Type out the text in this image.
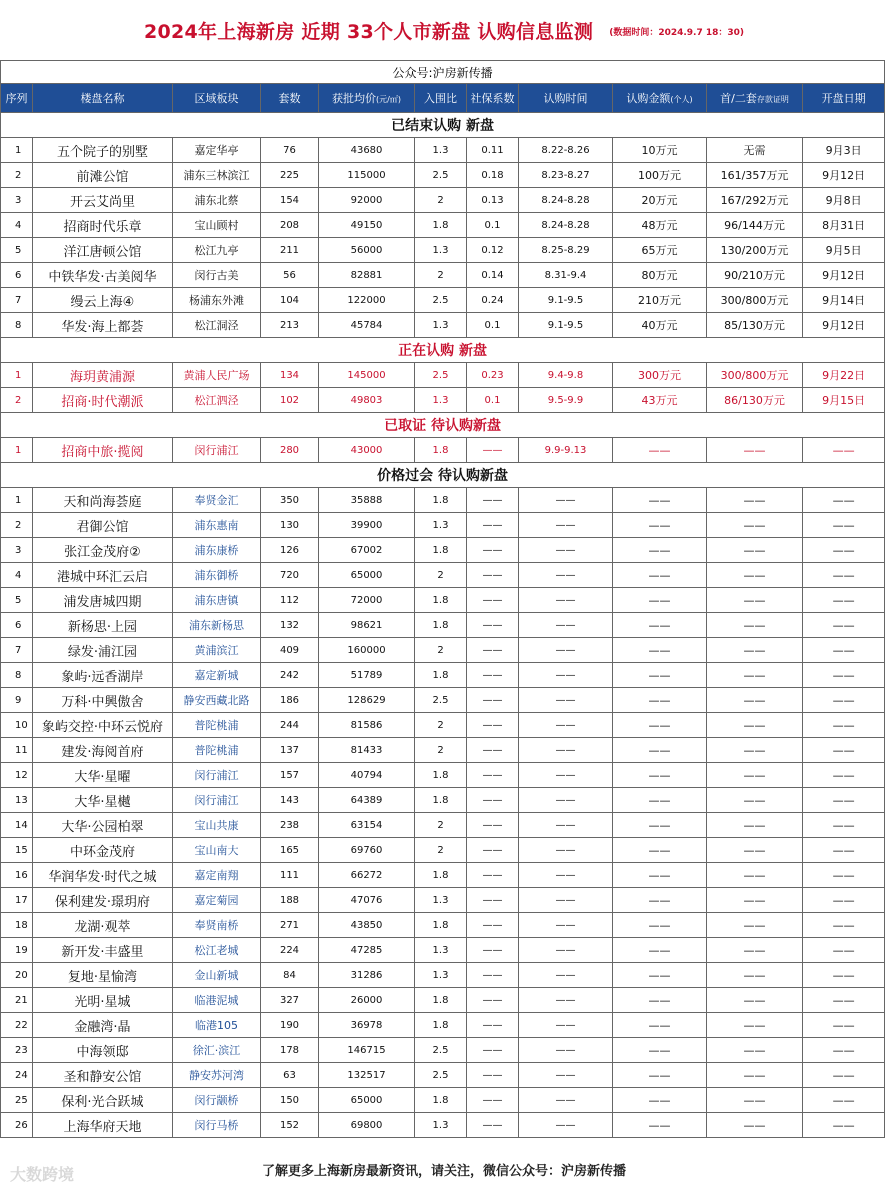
2024年上海新房 近期 33个人市新盘 认购信息监测 (数据时间：2024.9.7 18：30)
公众号:沪房新传播										
序列	楼盘名称	区域板块	套数	获批均价(元/㎡)	入围比	社保系数	认购时间	认购金额(个人)	首/二套存款证明	开盘日期
已结束认购 新盘										
1	五个院子的别墅	嘉定华亭	76	43680	1.3	0.11	8.22-8.26	10万元	无需	9月3日
2	前滩公馆	浦东三林滨江	225	115000	2.5	0.18	8.23-8.27	100万元	161/357万元	9月12日
3	开云艾尚里	浦东北蔡	154	92000	2	0.13	8.24-8.28	20万元	167/292万元	9月8日
4	招商时代乐章	宝山顾村	208	49150	1.8	0.1	8.24-8.28	48万元	96/144万元	8月31日
5	洋江唐顿公馆	松江九亭	211	56000	1.3	0.12	8.25-8.29	65万元	130/200万元	9月5日
6	中铁华发·古美阅华	闵行古美	56	82881	2	0.14	8.31-9.4	80万元	90/210万元	9月12日
7	缦云上海④	杨浦东外滩	104	122000	2.5	0.24	9.1-9.5	210万元	300/800万元	9月14日
8	华发·海上都荟	松江洞泾	213	45784	1.3	0.1	9.1-9.5	40万元	85/130万元	9月12日
正在认购 新盘										
1	海玥黄浦源	黄浦人民广场	134	145000	2.5	0.23	9.4-9.8	300万元	300/800万元	9月22日
2	招商·时代潮派	松江泗泾	102	49803	1.3	0.1	9.5-9.9	43万元	86/130万元	9月15日
已取证 待认购新盘										
1	招商中旅·揽阅	闵行浦江	280	43000	1.8	——	9.9-9.13	——	——	——
价格过会 待认购新盘										
1	天和尚海荟庭	奉贤金汇	350	35888	1.8	——	——	——	——	——
2	君御公馆	浦东惠南	130	39900	1.3	——	——	——	——	——
3	张江金茂府②	浦东康桥	126	67002	1.8	——	——	——	——	——
4	港城中环汇云启	浦东御桥	720	65000	2	——	——	——	——	——
5	浦发唐城四期	浦东唐镇	112	72000	1.8	——	——	——	——	——
6	新杨思·上园	浦东新杨思	132	98621	1.8	——	——	——	——	——
7	绿发·浦江园	黄浦滨江	409	160000	2	——	——	——	——	——
8	象屿·远香湖岸	嘉定新城	242	51789	1.8	——	——	——	——	——
9	万科·中興傲舍	静安西藏北路	186	128629	2.5	——	——	——	——	——
10	象屿交控·中环云悦府	普陀桃浦	244	81586	2	——	——	——	——	——
11	建发·海阅首府	普陀桃浦	137	81433	2	——	——	——	——	——
12	大华·星曜	闵行浦江	157	40794	1.8	——	——	——	——	——
13	大华·星樾	闵行浦江	143	64389	1.8	——	——	——	——	——
14	大华·公园柏翠	宝山共康	238	63154	2	——	——	——	——	——
15	中环金茂府	宝山南大	165	69760	2	——	——	——	——	——
16	华润华发·时代之城	嘉定南翔	111	66272	1.8	——	——	——	——	——
17	保利建发·璟玥府	嘉定菊园	188	47076	1.3	——	——	——	——	——
18	龙湖·观萃	奉贤南桥	271	43850	1.8	——	——	——	——	——
19	新开发·丰盛里	松江老城	224	47285	1.3	——	——	——	——	——
20	复地·星愉湾	金山新城	84	31286	1.3	——	——	——	——	——
21	光明·星城	临港泥城	327	26000	1.8	——	——	——	——	——
22	金融湾·晶	临港105	190	36978	1.8	——	——	——	——	——
23	中海领邸	徐汇·滨江	178	146715	2.5	——	——	——	——	——
24	圣和静安公馆	静安苏河湾	63	132517	2.5	——	——	——	——	——
25	保利·光合跃城	闵行颛桥	150	65000	1.8	——	——	——	——	——
26	上海华府天地	闵行马桥	152	69800	1.3	——	——	——	——	——
大数跨境	了解更多上海新房最新资讯，请关注，微信公众号：沪房新传播
